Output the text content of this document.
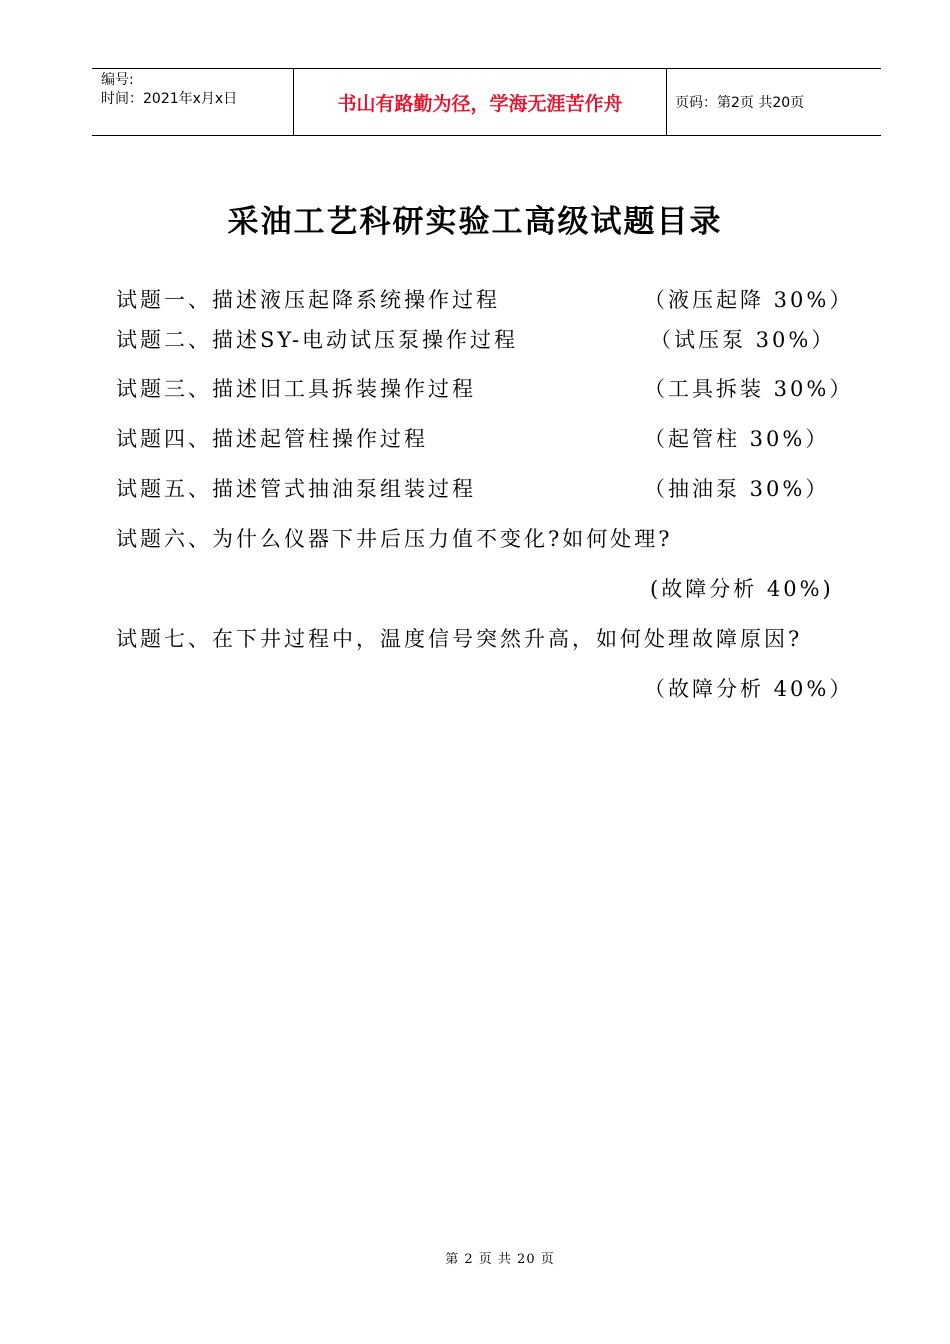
编号:
时间：2021年x月x日	书山有路勤为径，学海无涯苦作舟	页码：第2页 共20页
采油工艺科研实验工高级试题目录
试题一、描述液压起降系统操作过程	（液压起降 30%）
试题二、描述SY-电动试压泵操作过程	（试压泵 30%）
试题三、描述旧工具拆装操作过程	（工具拆装 30%）
试题四、描述起管柱操作过程	（起管柱 30%）
试题五、描述管式抽油泵组装过程	（抽油泵 30%）
试题六、为什么仪器下井后压力值不变化?如何处理?
(故障分析 40%)
试题七、在下井过程中，温度信号突然升高，如何处理故障原因?
（故障分析 40%）
第 2 页 共 20 页
